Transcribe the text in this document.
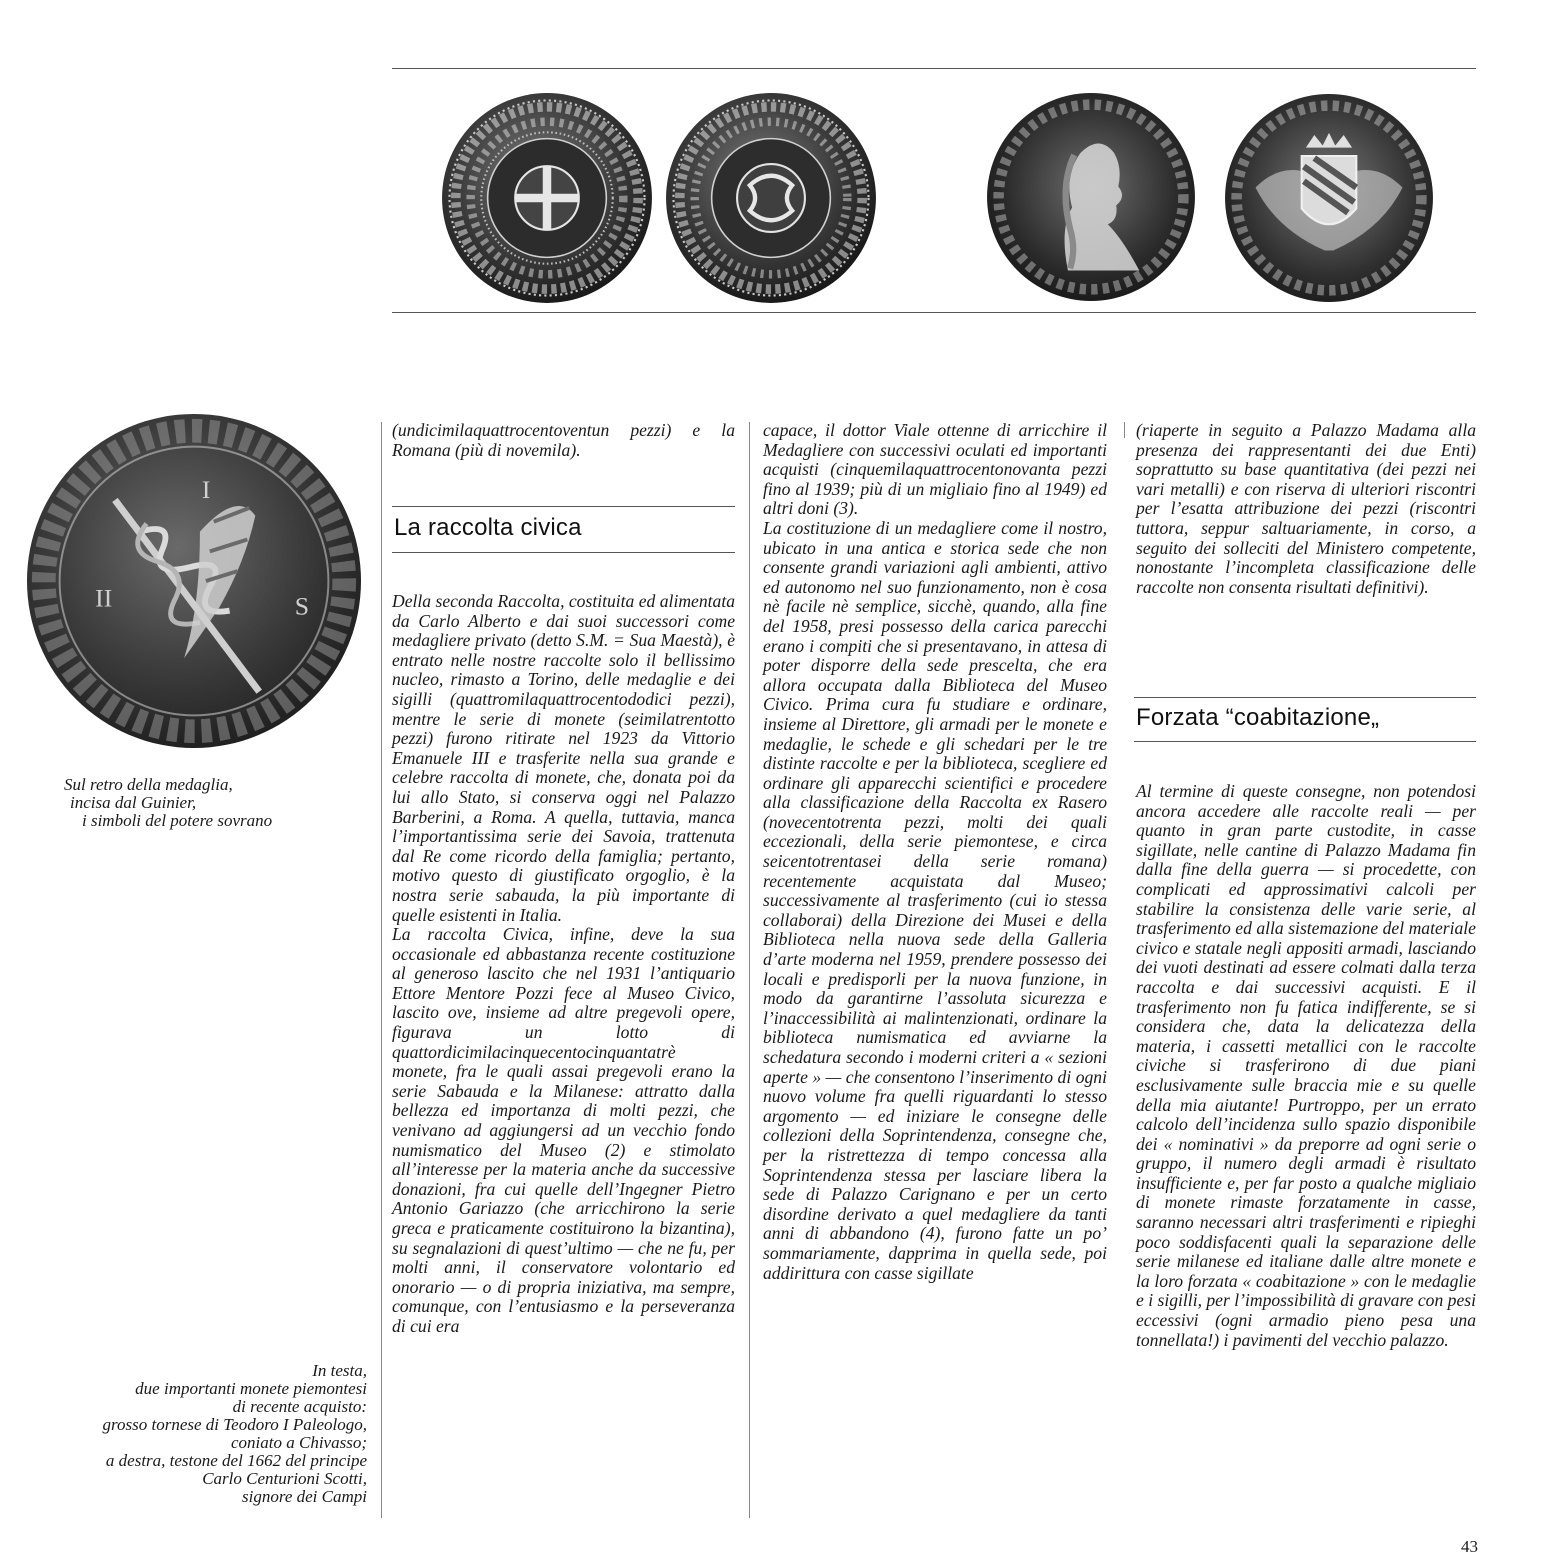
I
II	S
Sul retro della medaglia,
incisa dal Guinier,
i simboli del potere sovrano
In testa,
due importanti monete piemontesi
di recente acquisto:
grosso tornese di Teodoro I Paleologo,
coniato a Chivasso;
a destra, testone del 1662 del principe
Carlo Centurioni Scotti,
signore dei Campi

(undicimilaquattrocentoventun pezzi) e la Romana (più di novemila).

La raccolta civica

Della seconda Raccolta, costituita ed alimentata da Carlo Alberto e dai suoi successori come medagliere privato (detto S.M. = Sua Maestà), è entrato nelle nostre raccolte solo il bellissimo nucleo, rimasto a Torino, delle medaglie e dei sigilli (quattromilaquattrocentododici pezzi), mentre le serie di monete (seimilatrentotto pezzi) furono ritirate nel 1923 da Vittorio Emanuele III e trasferite nella sua grande e celebre raccolta di monete, che, donata poi da lui allo Stato, si conserva oggi nel Palazzo Barberini, a Roma. A quella, tuttavia, manca l’importantissima serie dei Savoia, trattenuta dal Re come ricordo della famiglia; pertanto, motivo questo di giustificato orgoglio, è la nostra serie sabauda, la più importante di quelle esistenti in Italia.

La raccolta Civica, infine, deve la sua occasionale ed abbastanza recente costituzione al generoso lascito che nel 1931 l’antiquario Ettore Mentore Pozzi fece al Museo Civico, lascito ove, insieme ad altre pregevoli opere, figurava un lotto di quattordicimilacinquecentocinquantatrè monete, fra le quali assai pregevoli erano la serie Sabauda e la Milanese: attratto dalla bellezza ed importanza di molti pezzi, che venivano ad aggiungersi ad un vecchio fondo numismatico del Museo (2) e stimolato all’interesse per la materia anche da successive donazioni, fra cui quelle dell’Ingegner Pietro Antonio Gariazzo (che arricchirono la serie greca e praticamente costituirono la bizantina), su segnalazioni di quest’ultimo — che ne fu, per molti anni, il conservatore volontario ed onorario — o di propria iniziativa, ma sempre, comunque, con l’entusiasmo e la perseveranza di cui era

capace, il dottor Viale ottenne di arricchire il Medagliere con successivi oculati ed importanti acquisti (cinquemilaquattrocentonovanta pezzi fino al 1939; più di un migliaio fino al 1949) ed altri doni (3).

La costituzione di un medagliere come il nostro, ubicato in una antica e storica sede che non consente grandi variazioni agli ambienti, attivo ed autonomo nel suo funzionamento, non è cosa nè facile nè semplice, sicchè, quando, alla fine del 1958, presi possesso della carica parecchi erano i compiti che si presentavano, in attesa di poter disporre della sede prescelta, che era allora occupata dalla Biblioteca del Museo Civico. Prima cura fu studiare e ordinare, insieme al Direttore, gli armadi per le monete e medaglie, le schede e gli schedari per le tre distinte raccolte e per la biblioteca, scegliere ed ordinare gli apparecchi scientifici e procedere alla classificazione della Raccolta ex Rasero (novecentotrenta pezzi, molti dei quali eccezionali, della serie piemontese, e circa seicentotrentasei della serie romana) recentemente acquistata dal Museo; successivamente al trasferimento (cui io stessa collaborai) della Direzione dei Musei e della Biblioteca nella nuova sede della Galleria d’arte moderna nel 1959, prendere possesso dei locali e predisporli per la nuova funzione, in modo da garantirne l’assoluta sicurezza e l’inaccessibilità ai malintenzionati, ordinare la biblioteca numismatica ed avviarne la schedatura secondo i moderni criteri a « sezioni aperte » — che consentono l’inserimento di ogni nuovo volume fra quelli riguardanti lo stesso argomento — ed iniziare le consegne delle collezioni della Soprintendenza, consegne che, per la ristrettezza di tempo concessa alla Soprintendenza stessa per lasciare libera la sede di Palazzo Carignano e per un certo disordine derivato a quel medagliere da tanti anni di abbandono (4), furono fatte un po’ sommariamente, dapprima in quella sede, poi addirittura con casse sigillate

(riaperte in seguito a Palazzo Madama alla presenza dei rappresentanti dei due Enti) soprattutto su base quantitativa (dei pezzi nei vari metalli) e con riserva di ulteriori riscontri per l’esatta attribuzione dei pezzi (riscontri tuttora, seppur saltuariamente, in corso, a seguito dei solleciti del Ministero competente, nonostante l’incompleta classificazione delle raccolte non consenta risultati definitivi).

Forzata “coabitazione„

Al termine di queste consegne, non potendosi ancora accedere alle raccolte reali — per quanto in gran parte custodite, in casse sigillate, nelle cantine di Palazzo Madama fin dalla fine della guerra — si procedette, con complicati ed approssimativi calcoli per stabilire la consistenza delle varie serie, al trasferimento ed alla sistemazione del materiale civico e statale negli appositi armadi, lasciando dei vuoti destinati ad essere colmati dalla terza raccolta e dai successivi acquisti. E il trasferimento non fu fatica indifferente, se si considera che, data la delicatezza della materia, i cassetti metallici con le raccolte civiche si trasferirono di due piani esclusivamente sulle braccia mie e su quelle della mia aiutante! Purtroppo, per un errato calcolo dell’incidenza sullo spazio disponibile dei « nominativi » da preporre ad ogni serie o gruppo, il numero degli armadi è risultato insufficiente e, per far posto a qualche migliaio di monete rimaste forzatamente in casse, saranno necessari altri trasferimenti e ripieghi poco soddisfacenti quali la separazione delle serie milanese ed italiane dalle altre monete e la loro forzata « coabitazione » con le medaglie e i sigilli, per l’impossibilità di gravare con pesi eccessivi (ogni armadio pieno pesa una tonnellata!) i pavimenti del vecchio palazzo.

43
